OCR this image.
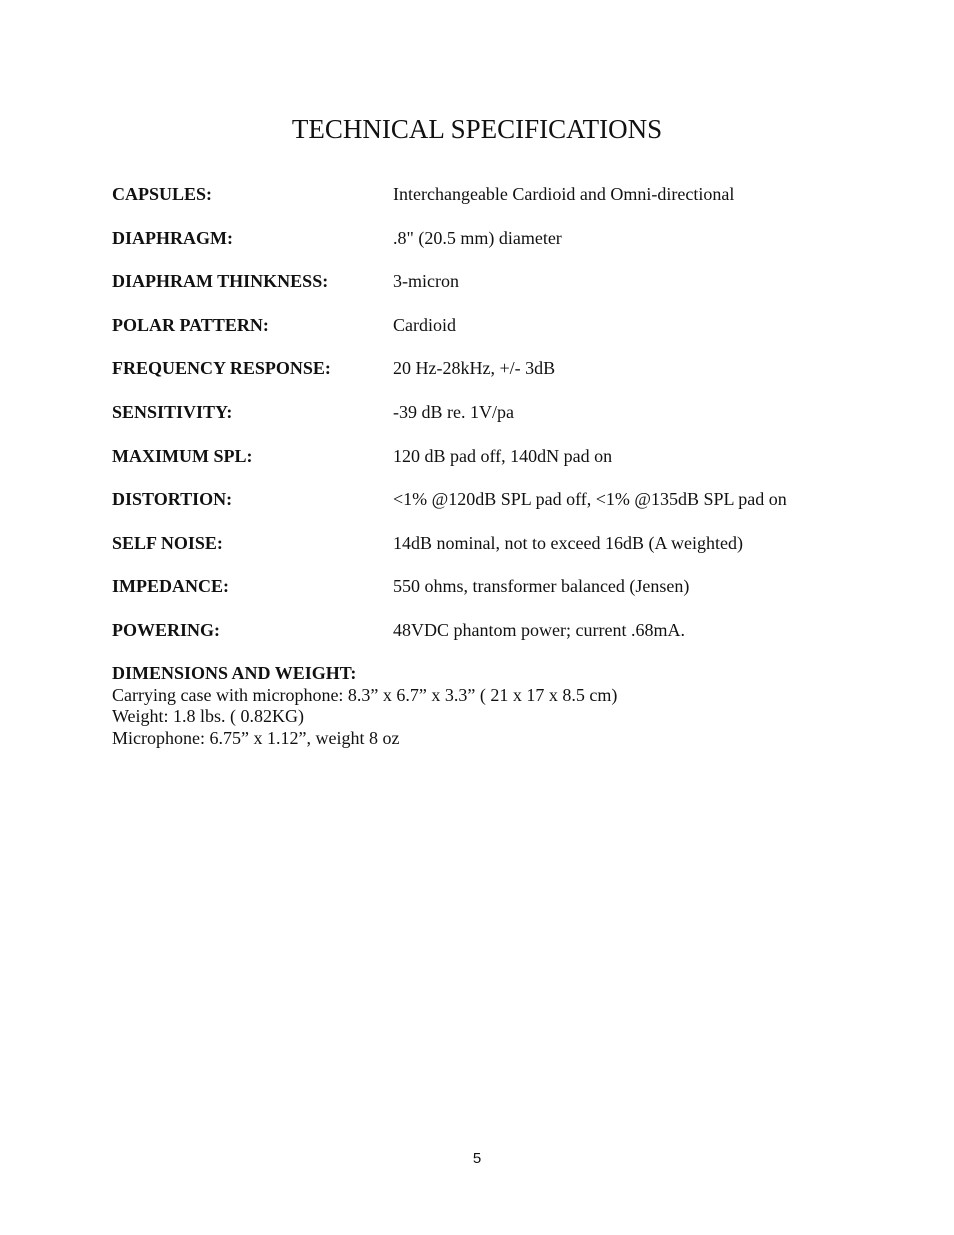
TECHNICAL SPECIFICATIONS
CAPSULES:	Interchangeable Cardioid and Omni-directional
DIAPHRAGM:	.8" (20.5 mm) diameter
DIAPHRAM THINKNESS:	3-micron
POLAR PATTERN:	Cardioid
FREQUENCY RESPONSE:	20 Hz-28kHz, +/- 3dB
SENSITIVITY:	-39 dB re. 1V/pa
MAXIMUM SPL:	120 dB pad off, 140dN pad on
DISTORTION:	<1% @120dB SPL pad off, <1% @135dB SPL pad on
SELF NOISE:	14dB nominal, not to exceed 16dB (A weighted)
IMPEDANCE:	550 ohms, transformer balanced (Jensen)
POWERING:	48VDC phantom power; current .68mA.
DIMENSIONS AND WEIGHT:
Carrying case with microphone: 8.3” x 6.7” x 3.3” ( 21 x 17 x 8.5 cm)
Weight: 1.8 lbs. ( 0.82KG)
Microphone: 6.75” x 1.12”, weight 8 oz
5
